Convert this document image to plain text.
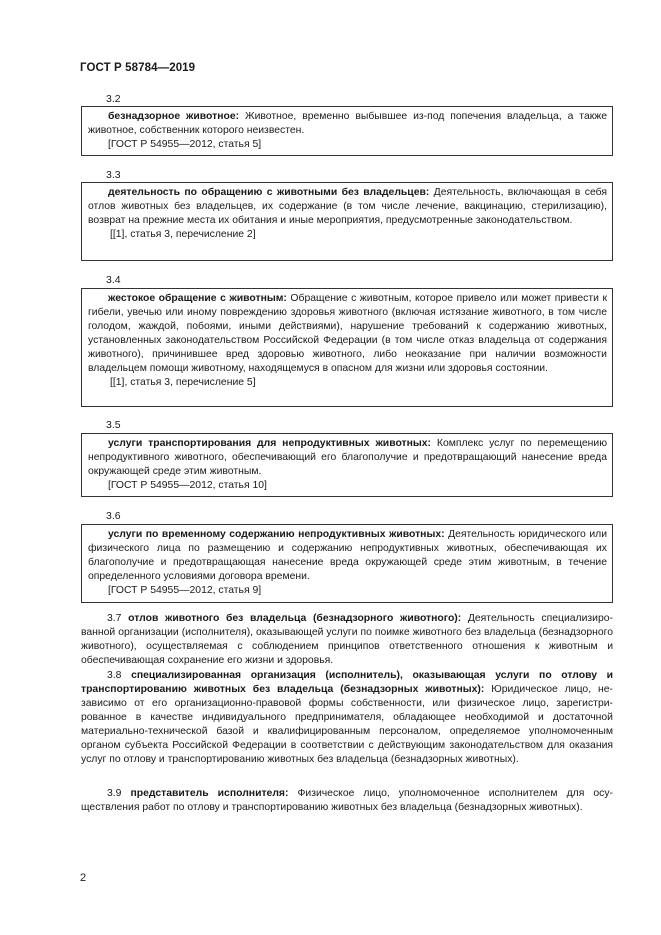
ГОСТ Р 58784—2019
3.2

безнадзорное животное: Животное, временно выбывшее из-под попечения владельца, а также животное, собственник которого неизвестен.

[ГОСТ Р 54955—2012, статья 5]
3.3

деятельность по обращению с животными без владельцев: Деятельность, включающая в себя отлов животных без владельцев, их содержание (в том числе лечение, вакцинацию, стерилизацию), возврат на прежние места их обитания и иные мероприятия, предусмотренные законодательством.

[[1], статья 3, перечисление 2]
3.4

жестокое обращение с животным: Обращение с животным, которое привело или может привести к гибели, увечью или иному повреждению здоровья животного (включая истязание животного, в том числе голодом, жаждой, побоями, иными действиями), нарушение требований к содержанию животных, установленных законодательством Российской Федерации (в том числе отказ владельца от содержания животного), причинившее вред здоровью животного, либо неоказание при наличии возможности владельцем помощи животному, находящемуся в опасном для жизни или здоровья состоянии.

[[1], статья 3, перечисление 5]
3.5

услуги транспортирования для непродуктивных животных: Комплекс услуг по перемещению непродуктивного животного, обеспечивающий его благополучие и предотвращающий нанесение вреда окружающей среде этим животным.

[ГОСТ Р 54955—2012, статья 10]
3.6

услуги по временному содержанию непродуктивных животных: Деятельность юридического или физического лица по размещению и содержанию непродуктивных животных, обеспечивающая их благополучие и предотвращающая нанесение вреда окружающей среде этим животным, в течение определенного условиями договора времени.

[ГОСТ Р 54955—2012, статья 9]

3.7 отлов животного без владельца (безнадзорного животного): Деятельность специализированной организации (исполнителя), оказывающей услуги по поимке животного без владельца (безнадзорного животного), осуществляемая с соблюдением принципов ответственного отношения к животным и обеспечивающая сохранение его жизни и здоровья.

3.8 специализированная организация (исполнитель), оказывающая услуги по отлову и транспортированию животных без владельца (безнадзорных животных): Юридическое лицо, независимо от его организационно-правовой формы собственности, или физическое лицо, зарегистрированное в качестве индивидуального предпринимателя, обладающее необходимой и достаточной материально-технической базой и квалифицированным персоналом, определяемое уполномоченным органом субъекта Российской Федерации в соответствии с действующим законодательством для оказания услуг по отлову и транспортированию животных без владельца (безнадзорных животных).

3.9 представитель исполнителя: Физическое лицо, уполномоченное исполнителем для осуществления работ по отлову и транспортированию животных без владельца (безнадзорных животных).

2
